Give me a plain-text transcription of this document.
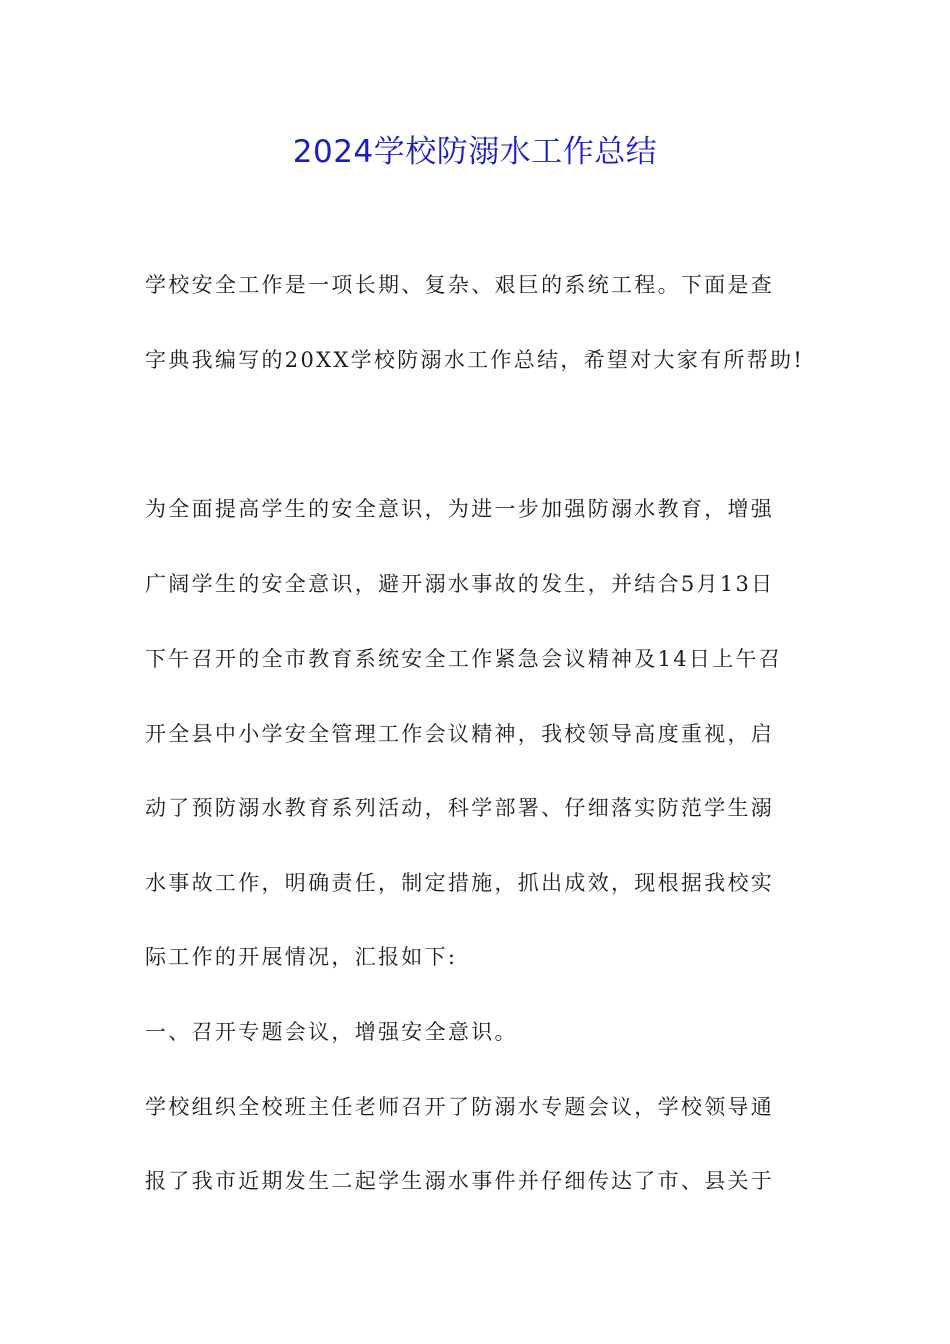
2024学校防溺水工作总结

学校安全工作是一项长期、复杂、艰巨的系统工程。下面是查

字典我编写的20XX学校防溺水工作总结，希望对大家有所帮助!

为全面提高学生的安全意识，为进一步加强防溺水教育，增强

广阔学生的安全意识，避开溺水事故的发生，并结合5月13日

下午召开的全市教育系统安全工作紧急会议精神及14日上午召

开全县中小学安全管理工作会议精神，我校领导高度重视，启

动了预防溺水教育系列活动，科学部署、仔细落实防范学生溺

水事故工作，明确责任，制定措施，抓出成效，现根据我校实

际工作的开展情况，汇报如下:

一、召开专题会议，增强安全意识。

学校组织全校班主任老师召开了防溺水专题会议，学校领导通

报了我市近期发生二起学生溺水事件并仔细传达了市、县关于
